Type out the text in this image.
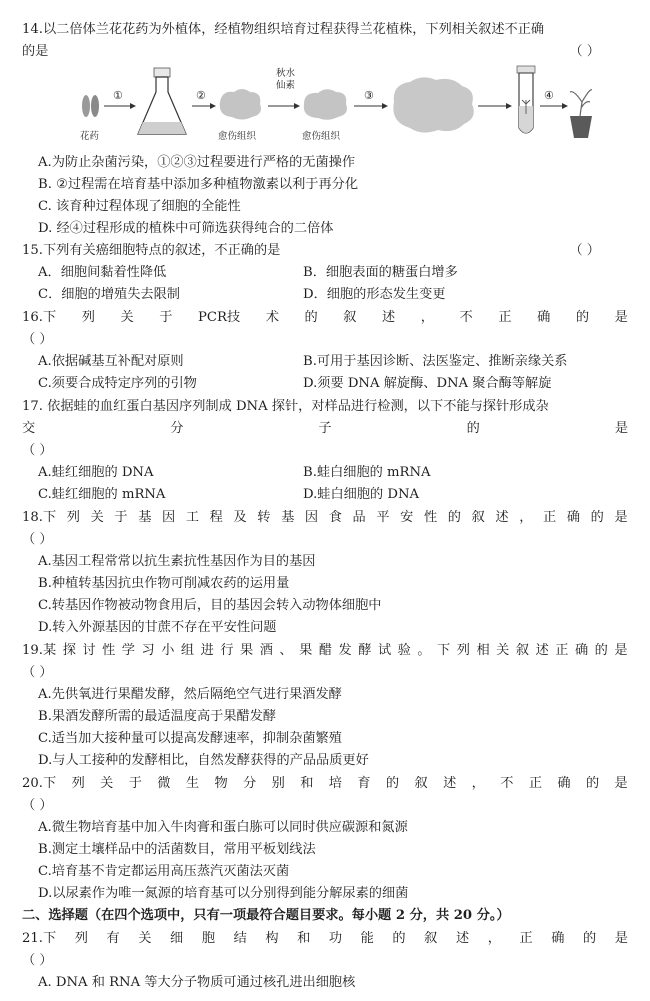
14.以二倍体兰花花药为外植体，经植物组织培育过程获得兰花植株，下列相关叙述不正确
的是	（ ）
花药
①	②
愈伤组织
秋水
仙素
愈伤组织
③	④
A.为防止杂菌污染，①②③过程要进行严格的无菌操作
B. ②过程需在培育基中添加多种植物激素以利于再分化
C. 该育种过程体现了细胞的全能性
D. 经④过程形成的植株中可筛选获得纯合的二倍体
15.下列有关癌细胞特点的叙述，不正确的是	（ ）
A．细胞间黏着性降低	B．细胞表面的糖蛋白增多
C．细胞的增殖失去限制	D．细胞的形态发生变更
16.下 列 关 于 PCR技 术 的 叙 述 ， 不 正 确 的 是
（ ）
A.依据碱基互补配对原则	B.可用于基因诊断、法医鉴定、推断亲缘关系
C.须要合成特定序列的引物	D.须要 DNA 解旋酶、DNA 聚合酶等解旋
17. 依据蛙的血红蛋白基因序列制成 DNA 探针，对样品进行检测，以下不能与探针形成杂
交	分	子	的	是
（ ）
A.蛙红细胞的 DNA	B.蛙白细胞的 mRNA
C.蛙红细胞的 mRNA	D.蛙白细胞的 DNA
18.下 列 关 于 基 因 工 程 及 转 基 因 食 品 平 安 性 的 叙 述 ， 正 确 的 是
（ ）
A.基因工程常常以抗生素抗性基因作为目的基因
B.种植转基因抗虫作物可削减农药的运用量
C.转基因作物被动物食用后，目的基因会转入动物体细胞中
D.转入外源基因的甘蔗不存在平安性问题
19.某 探 讨 性 学 习 小 组 进 行 果 酒 、 果 醋 发 酵 试 验 。 下 列 相 关 叙 述 正 确 的 是
（ ）
A.先供氧进行果醋发酵，然后隔绝空气进行果酒发酵
B.果酒发酵所需的最适温度高于果醋发酵
C.适当加大接种量可以提高发酵速率，抑制杂菌繁殖
D.与人工接种的发酵相比，自然发酵获得的产品品质更好
20.下 列 关 于 微 生 物 分 别 和 培 育 的 叙 述 ， 不 正 确 的 是
（ ）
A.微生物培育基中加入牛肉膏和蛋白胨可以同时供应碳源和氮源
B.测定土壤样品中的活菌数目，常用平板划线法
C.培育基不肯定都运用高压蒸汽灭菌法灭菌
D.以尿素作为唯一氮源的培育基可以分别得到能分解尿素的细菌
二、选择题（在四个选项中，只有一项最符合题目要求。每小题 2 分，共 20 分。）
21.下 列 有 关 细 胞 结 构 和 功 能 的 叙 述 ， 正 确 的 是
（ ）
A. DNA 和 RNA 等大分子物质可通过核孔进出细胞核
